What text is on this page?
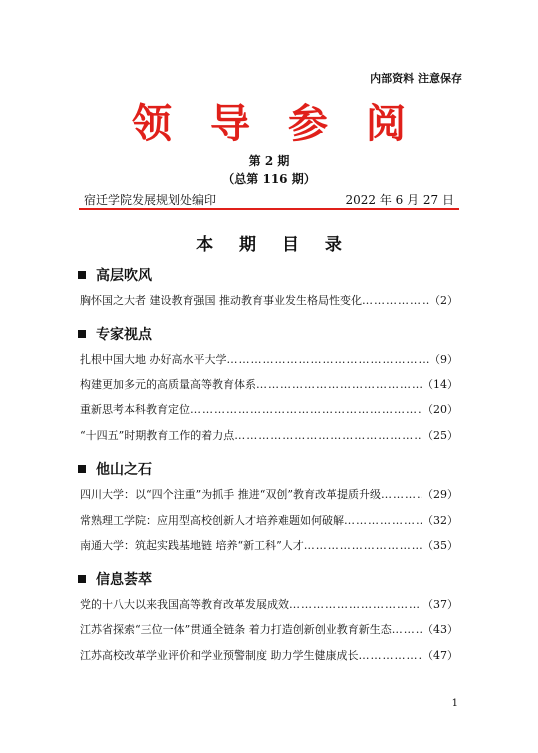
内部资料 注意保存
领导参阅
第 2 期
（总第 116 期）
宿迁学院发展规划处编印	2022 年 6 月 27 日
本 期 目 录
高层吹风
胸怀国之大者 建设教育强国 推动教育事业发生格局性变化 ……………………………………………………………………………………………………………………	（2）
专家视点
扎根中国大地 办好高水平大学 ……………………………………………………………………………………………………………………	（9）
构建更加多元的高质量高等教育体系 ……………………………………………………………………………………………………………………	（14）
重新思考本科教育定位 ……………………………………………………………………………………………………………………	（20）
“十四五”时期教育工作的着力点 ……………………………………………………………………………………………………………………	（25）
他山之石
四川大学：以“四个注重”为抓手 推进“双创”教育改革提质升级 ……………………………………………………………………………………………………………………	（29）
常熟理工学院：应用型高校创新人才培养难题如何破解 ……………………………………………………………………………………………………………………	（32）
南通大学：筑起实践基地链 培养“新工科”人才 ……………………………………………………………………………………………………………………	（35）
信息荟萃
党的十八大以来我国高等教育改革发展成效 ……………………………………………………………………………………………………………………	（37）
江苏省探索“三位一体”贯通全链条 着力打造创新创业教育新生态 ……………………………………………………………………………………………………………………	（43）
江苏高校改革学业评价和学业预警制度 助力学生健康成长 ……………………………………………………………………………………………………………………	（47）
1
